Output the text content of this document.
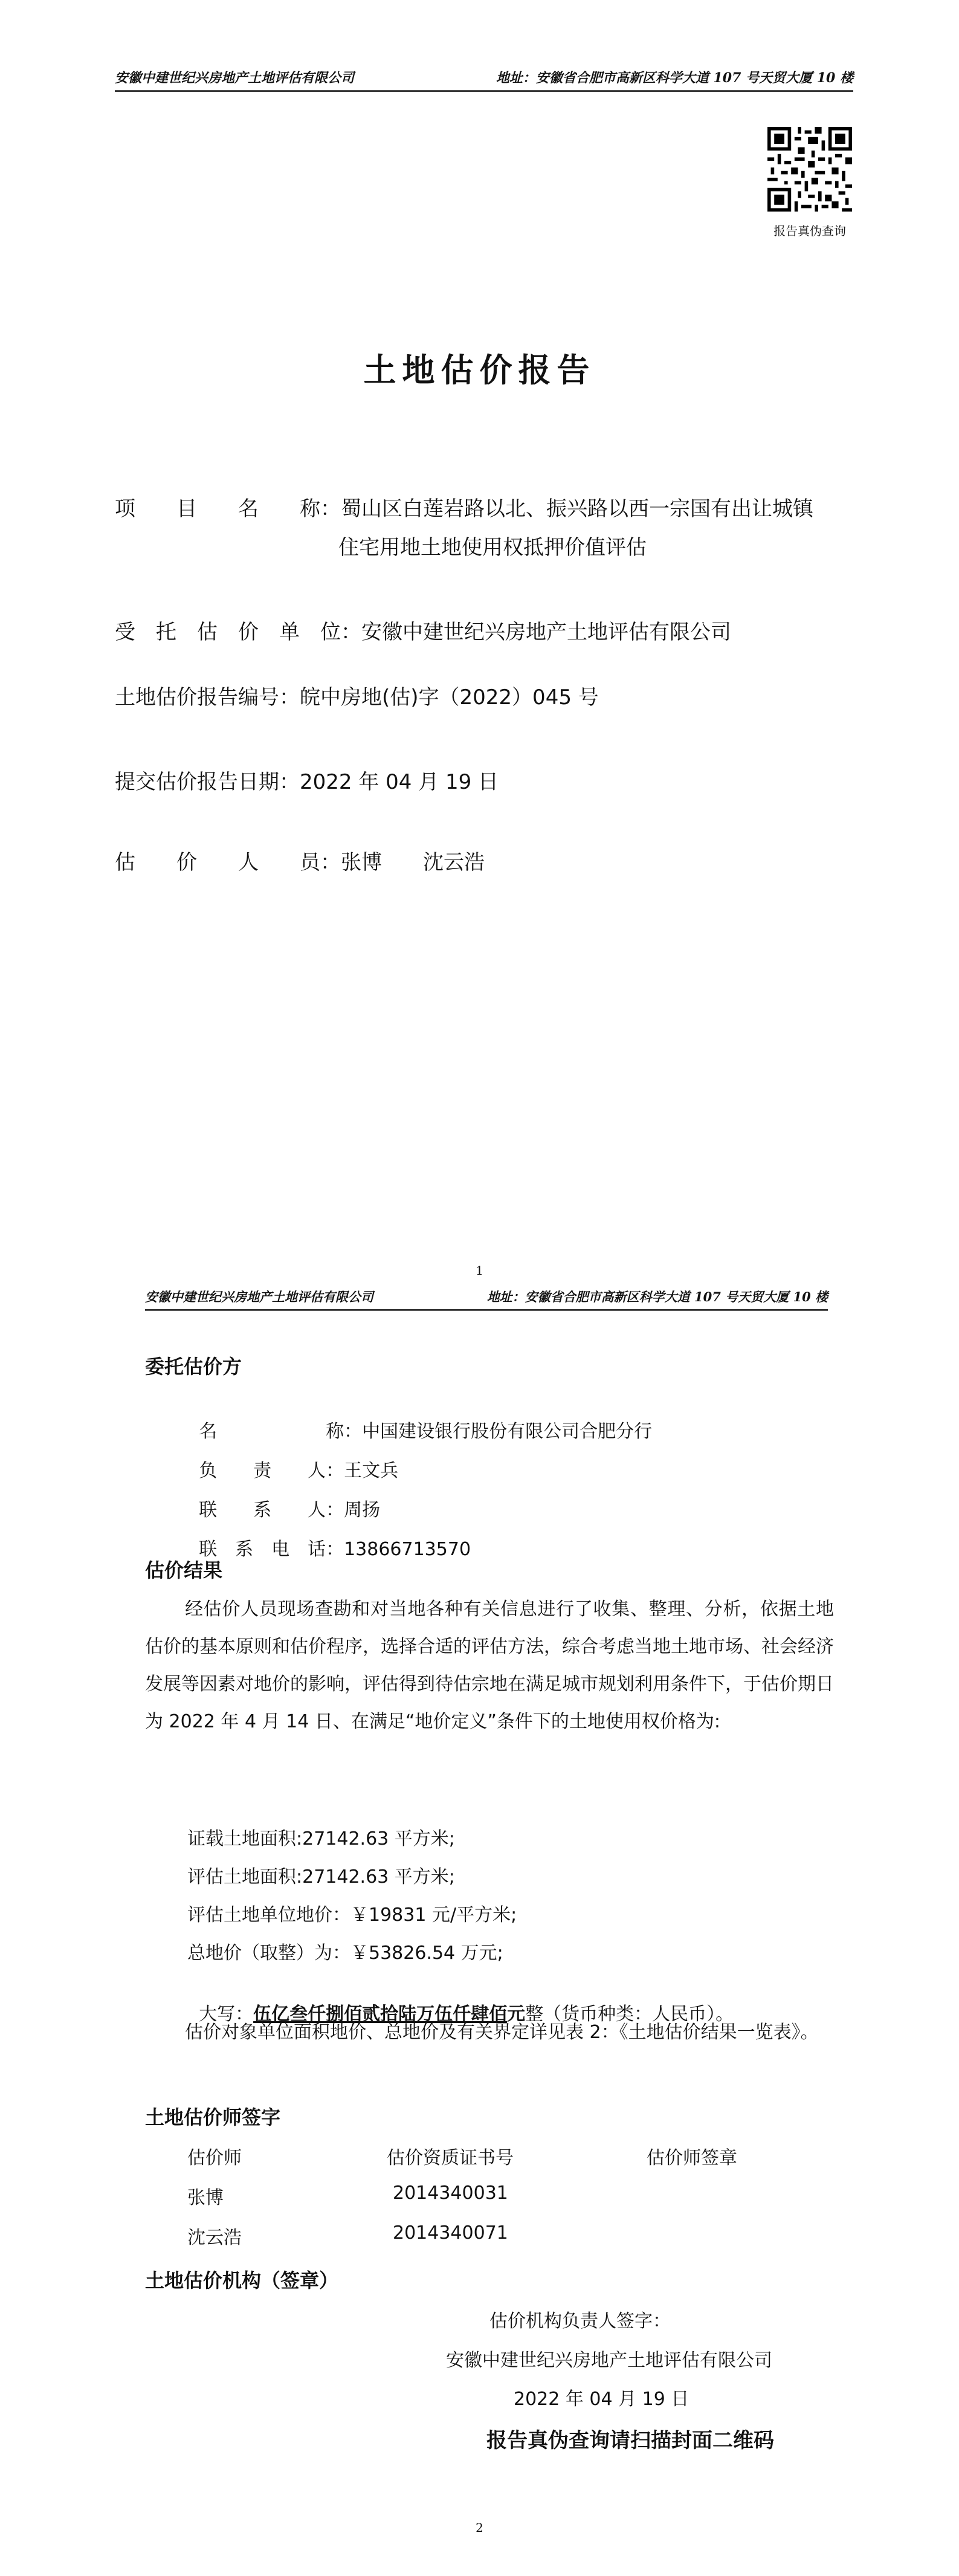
安徽中建世纪兴房地产土地评估有限公司	地址：安徽省合肥市高新区科学大道 107 号天贸大厦 10 楼
报告真伪查询
土地估价报告
项　　目　　名　　称：蜀山区白莲岩路以北、振兴路以西一宗国有出让城镇
住宅用地土地使用权抵押价值评估
受　托　估　价　单　位：安徽中建世纪兴房地产土地评估有限公司
土地估价报告编号：皖中房地(估)字（2022）045 号
提交估价报告日期：2022 年 04 月 19 日
估　　价　　人　　员：张博　　沈云浩
1
安徽中建世纪兴房地产土地评估有限公司	地址：安徽省合肥市高新区科学大道 107 号天贸大厦 10 楼
委托估价方

名　　　　　　称：中国建设银行股份有限公司合肥分行

负　　责　　人：王文兵

联　　系　　人：周扬

联　系　电　话：13866713570

估价结果
经估价人员现场查勘和对当地各种有关信息进行了收集、整理、分析，依据土地估价的基本原则和估价程序，选择合适的评估方法，综合考虑当地土地市场、社会经济发展等因素对地价的影响，评估得到待估宗地在满足城市规划利用条件下，于估价期日为 2022 年 4 月 14 日、在满足“地价定义”条件下的土地使用权价格为:
证载土地面积:27142.63 平方米;
评估土地面积:27142.63 平方米;
评估土地单位地价：￥19831 元/平方米;
总地价（取整）为：￥53826.54 万元;

大写：伍亿叁仟捌佰贰拾陆万伍仟肆佰元整（货币种类：人民币）。

估价对象单位面积地价、总地价及有关界定详见表 2：《土地估价结果一览表》。
土地估价师签字
估价师	估价资质证书号	估价师签章
张博	2014340031
沈云浩	2014340071
土地估价机构（签章）
估价机构负责人签字：
安徽中建世纪兴房地产土地评估有限公司
2022 年 04 月 19 日
报告真伪查询请扫描封面二维码
2
